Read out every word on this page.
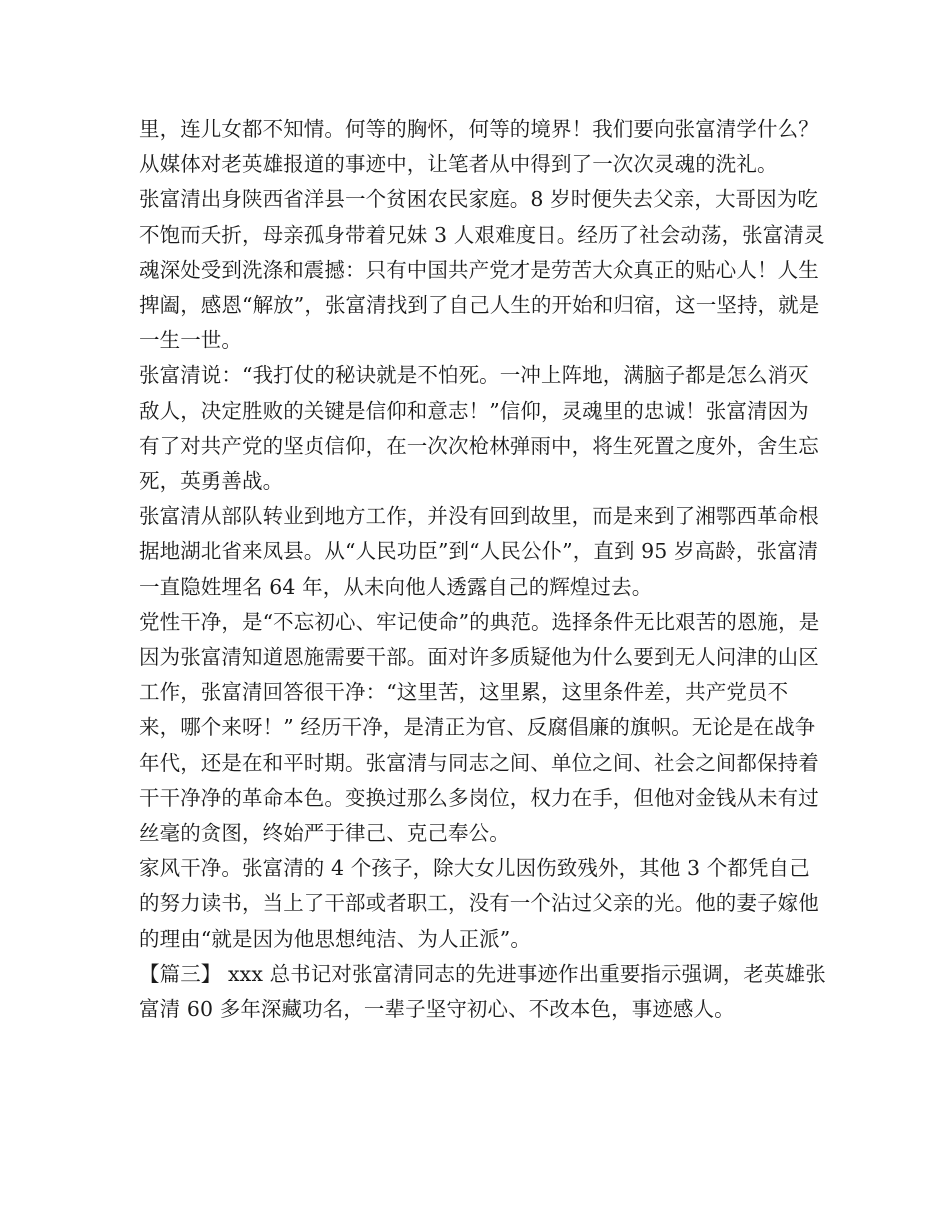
里，连儿女都不知情。何等的胸怀，何等的境界！我们要向张富清学什么？从媒体对老英雄报道的事迹中，让笔者从中得到了一次次灵魂的洗礼。

张富清出身陕西省洋县一个贫困农民家庭。8 岁时便失去父亲，大哥因为吃不饱而夭折，母亲孤身带着兄妹 3 人艰难度日。经历了社会动荡，张富清灵魂深处受到洗涤和震撼：只有中国共产党才是劳苦大众真正的贴心人！人生捭阖，感恩“解放”，张富清找到了自己人生的开始和归宿，这一坚持，就是一生一世。

张富清说：“我打仗的秘诀就是不怕死。一冲上阵地，满脑子都是怎么消灭敌人，决定胜败的关键是信仰和意志！”信仰，灵魂里的忠诚！张富清因为有了对共产党的坚贞信仰，在一次次枪林弹雨中，将生死置之度外，舍生忘死，英勇善战。

张富清从部队转业到地方工作，并没有回到故里，而是来到了湘鄂西革命根据地湖北省来凤县。从“人民功臣”到“人民公仆”，直到 95 岁高龄，张富清一直隐姓埋名 64 年，从未向他人透露自己的辉煌过去。

党性干净，是“不忘初心、牢记使命”的典范。选择条件无比艰苦的恩施，是因为张富清知道恩施需要干部。面对许多质疑他为什么要到无人问津的山区工作，张富清回答很干净：“这里苦，这里累，这里条件差，共产党员不来，哪个来呀！” 经历干净，是清正为官、反腐倡廉的旗帜。无论是在战争年代，还是在和平时期。张富清与同志之间、单位之间、社会之间都保持着干干净净的革命本色。变换过那么多岗位，权力在手，但他对金钱从未有过丝毫的贪图，终始严于律己、克己奉公。

家风干净。张富清的 4 个孩子，除大女儿因伤致残外，其他 3 个都凭自己的努力读书，当上了干部或者职工，没有一个沾过父亲的光。他的妻子嫁他的理由“就是因为他思想纯洁、为人正派”。

【篇三】 xxx 总书记对张富清同志的先进事迹作出重要指示强调，老英雄张富清 60 多年深藏功名，一辈子坚守初心、不改本色，事迹感人。
